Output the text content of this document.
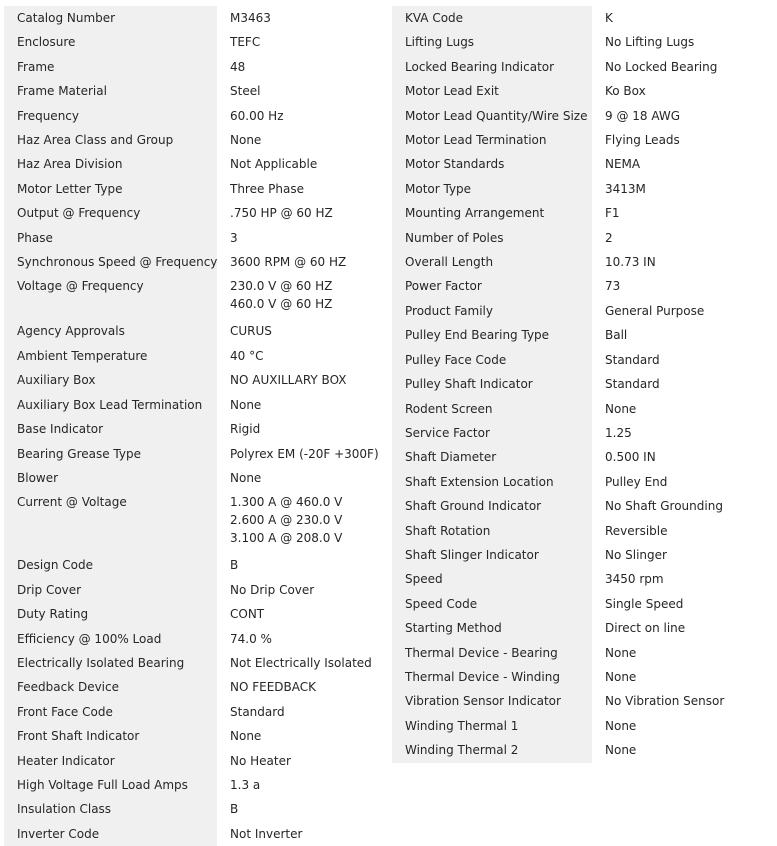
Catalog Number	M3463
Enclosure	TEFC
Frame	48
Frame Material	Steel
Frequency	60.00 Hz
Haz Area Class and Group	None
Haz Area Division	Not Applicable
Motor Letter Type	Three Phase
Output @ Frequency	.750 HP @ 60 HZ
Phase	3
Synchronous Speed @ Frequency	3600 RPM @ 60 HZ
Voltage @ Frequency	230.0 V @ 60 HZ
460.0 V @ 60 HZ
Agency Approvals	CURUS
Ambient Temperature	40 °C
Auxiliary Box	NO AUXILLARY BOX
Auxiliary Box Lead Termination	None
Base Indicator	Rigid
Bearing Grease Type	Polyrex EM (-20F +300F)
Blower	None
Current @ Voltage	1.300 A @ 460.0 V
2.600 A @ 230.0 V
3.100 A @ 208.0 V
Design Code	B
Drip Cover	No Drip Cover
Duty Rating	CONT
Efficiency @ 100% Load	74.0 %
Electrically Isolated Bearing	Not Electrically Isolated
Feedback Device	NO FEEDBACK
Front Face Code	Standard
Front Shaft Indicator	None
Heater Indicator	No Heater
High Voltage Full Load Amps	1.3 a
Insulation Class	B
Inverter Code	Not Inverter
KVA Code	K
Lifting Lugs	No Lifting Lugs
Locked Bearing Indicator	No Locked Bearing
Motor Lead Exit	Ko Box
Motor Lead Quantity/Wire Size	9 @ 18 AWG
Motor Lead Termination	Flying Leads
Motor Standards	NEMA
Motor Type	3413M
Mounting Arrangement	F1
Number of Poles	2
Overall Length	10.73 IN
Power Factor	73
Product Family	General Purpose
Pulley End Bearing Type	Ball
Pulley Face Code	Standard
Pulley Shaft Indicator	Standard
Rodent Screen	None
Service Factor	1.25
Shaft Diameter	0.500 IN
Shaft Extension Location	Pulley End
Shaft Ground Indicator	No Shaft Grounding
Shaft Rotation	Reversible
Shaft Slinger Indicator	No Slinger
Speed	3450 rpm
Speed Code	Single Speed
Starting Method	Direct on line
Thermal Device - Bearing	None
Thermal Device - Winding	None
Vibration Sensor Indicator	No Vibration Sensor
Winding Thermal 1	None
Winding Thermal 2	None
